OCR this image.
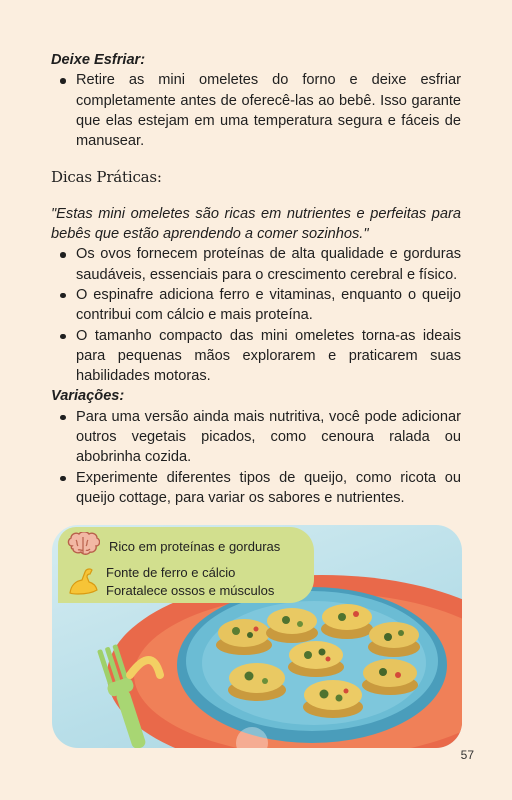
Deixe Esfriar:
Retire as mini omeletes do forno e deixe esfriar completamente antes de oferecê-las ao bebê. Isso garante que elas estejam em uma temperatura segura e fáceis de manusear.
Dicas Práticas:
"Estas mini omeletes são ricas em nutrientes e perfeitas para bebês que estão aprendendo a comer sozinhos."
Os ovos fornecem proteínas de alta qualidade e gorduras saudáveis, essenciais para o crescimento cerebral e físico.
O espinafre adiciona ferro e vitaminas, enquanto o queijo contribui com cálcio e mais proteína.
O tamanho compacto das mini omeletes torna-as ideais para pequenas mãos explorarem e praticarem suas habilidades motoras.
Variações:
Para uma versão ainda mais nutritiva, você pode adicionar outros vegetais picados, como cenoura ralada ou abobrinha cozida.
Experimente diferentes tipos de queijo, como ricota ou queijo cottage, para variar os sabores e nutrientes.
Rico em proteínas e gorduras
Fonte de ferro e cálcio
Foratalece ossos e músculos
57
